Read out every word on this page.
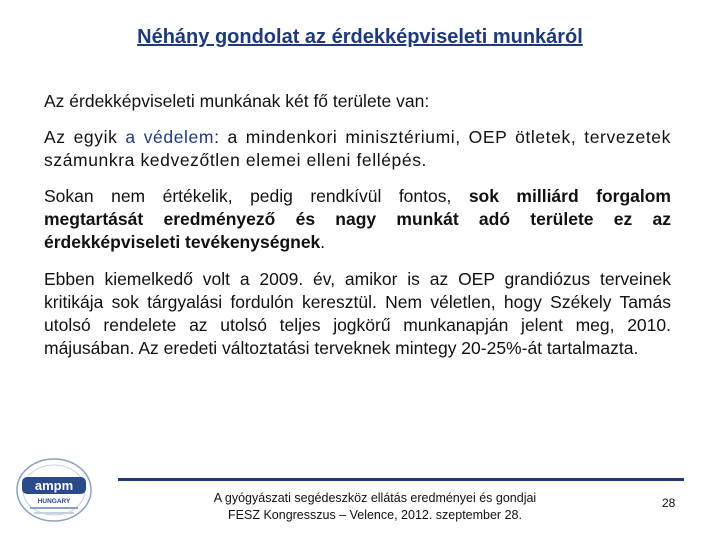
Néhány gondolat az érdekképviseleti munkáról
Az érdekképviseleti munkának két fő területe van:
Az egyik a védelem: a mindenkori minisztériumi, OEP ötletek, tervezetek számunkra kedvezőtlen elemei elleni fellépés.
Sokan nem értékelik, pedig rendkívül fontos, sok milliárd forgalom megtartását eredményező és nagy munkát adó területe ez az érdekképviseleti tevékenységnek.
Ebben kiemelkedő volt a 2009. év, amikor is az OEP grandiózus terveinek kritikája sok tárgyalási fordulón keresztül. Nem véletlen, hogy Székely Tamás utolsó rendelete az utolsó teljes jogkörű munkanapján jelent meg, 2010. májusában. Az eredeti változtatási terveknek mintegy 20-25%-át tartalmazta.
ampm
HUNGARY	A gyógyászati segédeszköz ellátás eredményei és gondjai
FESZ Kongresszus – Velence, 2012. szeptember 28.
28
